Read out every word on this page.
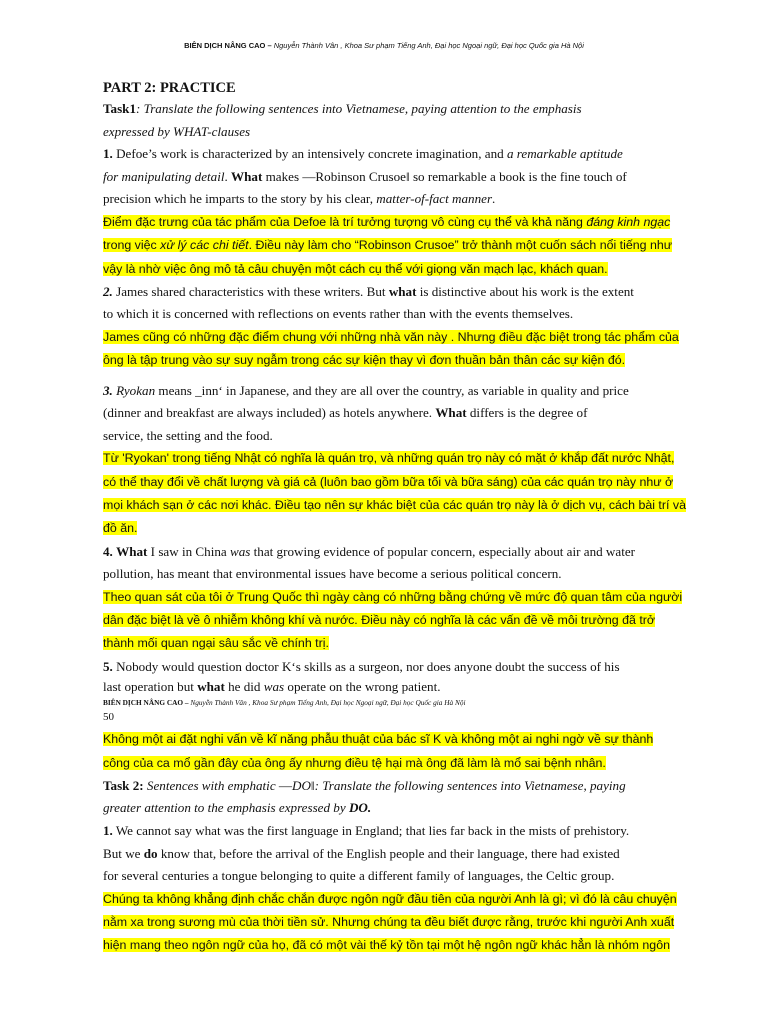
BIÊN DỊCH NÂNG CAO – Nguyễn Thành Vân , Khoa Sư phạm Tiếng Anh, Đại học Ngoại ngữ, Đại học Quốc gia Hà Nội
PART 2: PRACTICE
Task1: Translate the following sentences into Vietnamese, paying attention to the emphasis
expressed by WHAT-clauses
1. Defoe’s work is characterized by an intensively concrete imagination, and a remarkable aptitude
for manipulating detail. What makes ―Robinson Crusoe‖ so remarkable a book is the fine touch of
precision which he imparts to the story by his clear, matter-of-fact manner.
Điểm đặc trưng của tác phẩm của Defoe là trí tưởng tượng vô cùng cụ thể và khả năng đáng kinh ngạc
trong việc xử lý các chi tiết. Điều này làm cho “Robinson Crusoe” trở thành một cuốn sách nổi tiếng như
vậy là nhờ việc ông mô tả câu chuyện một cách cụ thể với giọng văn mạch lạc, khách quan.
2. James shared characteristics with these writers. But what is distinctive about his work is the extent
to which it is concerned with reflections on events rather than with the events themselves.
James cũng có những đặc điểm chung với những nhà văn này . Nhưng điều đặc biệt trong tác phẩm của
ông là tập trung vào sự suy ngẫm trong các sự kiện thay vì đơn thuần bản thân các sự kiện đó.
3. Ryokan means _inn‘ in Japanese, and they are all over the country, as variable in quality and price
(dinner and breakfast are always included) as hotels anywhere. What differs is the degree of
service, the setting and the food.
Từ 'Ryokan' trong tiếng Nhật có nghĩa là quán trọ, và những quán trọ này có mặt ở khắp đất nước Nhật,
có thể thay đổi về chất lượng và giá cả (luôn bao gồm bữa tối và bữa sáng) của các quán trọ này như ở
mọi khách sạn ở các nơi khác. Điều tạo nên sự khác biệt của các quán trọ này là ở dịch vụ, cách bài trí và
đồ ăn.
4. What I saw in China was that growing evidence of popular concern, especially about air and water
pollution, has meant that environmental issues have become a serious political concern.
Theo quan sát của tôi ở Trung Quốc thì ngày càng có những bằng chứng về mức độ quan tâm của người
dân đặc biệt là về ô nhiễm không khí và nước. Điều này có nghĩa là các vấn đề về môi trường đã trở
thành mối quan ngại sâu sắc về chính trị.
5. Nobody would question doctor K‘s skills as a surgeon, nor does anyone doubt the success of his
last operation but what he did was operate on the wrong patient.
BIÊN DỊCH NÂNG CAO – Nguyễn Thành Vân , Khoa Sư phạm Tiếng Anh, Đại học Ngoại ngữ, Đại học Quốc gia Hà Nội
50
Không một ai đặt nghi vấn về kĩ năng phẫu thuật của bác sĩ K và không một ai nghi ngờ về sự thành
công của ca mổ gần đây của ông ấy nhưng điều tệ hại mà ông đã làm là mổ sai bệnh nhân.
Task 2: Sentences with emphatic ―DO‖: Translate the following sentences into Vietnamese, paying
greater attention to the emphasis expressed by DO.
1. We cannot say what was the first language in England; that lies far back in the mists of prehistory.
But we do know that, before the arrival of the English people and their language, there had existed
for several centuries a tongue belonging to quite a different family of languages, the Celtic group.
Chúng ta không khẳng định chắc chắn được ngôn ngữ đầu tiên của người Anh là gì; vì đó là câu chuyện
nằm xa trong sương mù của thời tiền sử. Nhưng chúng ta đều biết được rằng, trước khi người Anh xuất
hiện mang theo ngôn ngữ của họ, đã có một vài thế kỷ tồn tại một hệ ngôn ngữ khác hẳn là nhóm ngôn
